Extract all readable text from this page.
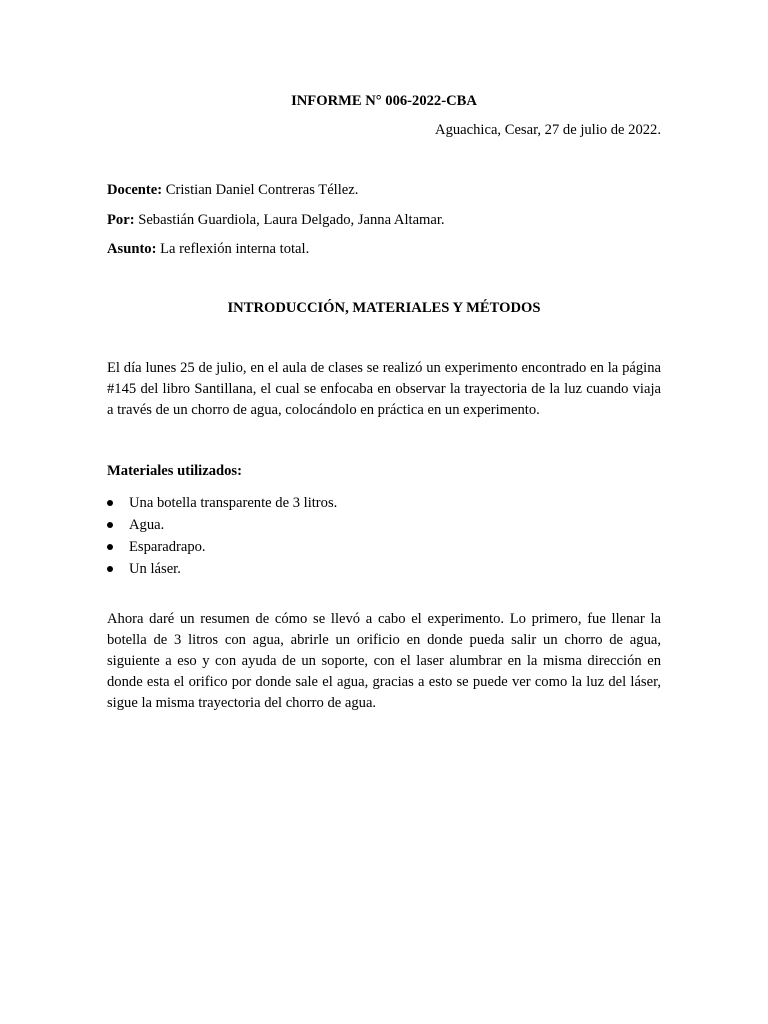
INFORME N° 006-2022-CBA
Aguachica, Cesar, 27 de julio de 2022.
Docente: Cristian Daniel Contreras Téllez.
Por: Sebastián Guardiola, Laura Delgado, Janna Altamar.
Asunto: La reflexión interna total.
INTRODUCCIÓN, MATERIALES Y MÉTODOS

El día lunes 25 de julio, en el aula de clases se realizó un experimento encontrado en la página #145 del libro Santillana, el cual se enfocaba en observar la trayectoria de la luz cuando viaja a través de un chorro de agua, colocándolo en práctica en un experimento.

Materiales utilizados:
Una botella transparente de 3 litros.
Agua.
Esparadrapo.
Un láser.

Ahora daré un resumen de cómo se llevó a cabo el experimento. Lo primero, fue llenar la botella de 3 litros con agua, abrirle un orificio en donde pueda salir un chorro de agua, siguiente a eso y con ayuda de un soporte, con el laser alumbrar en la misma dirección en donde esta el orifico por donde sale el agua, gracias a esto se puede ver como la luz del láser, sigue la misma trayectoria del chorro de agua.
